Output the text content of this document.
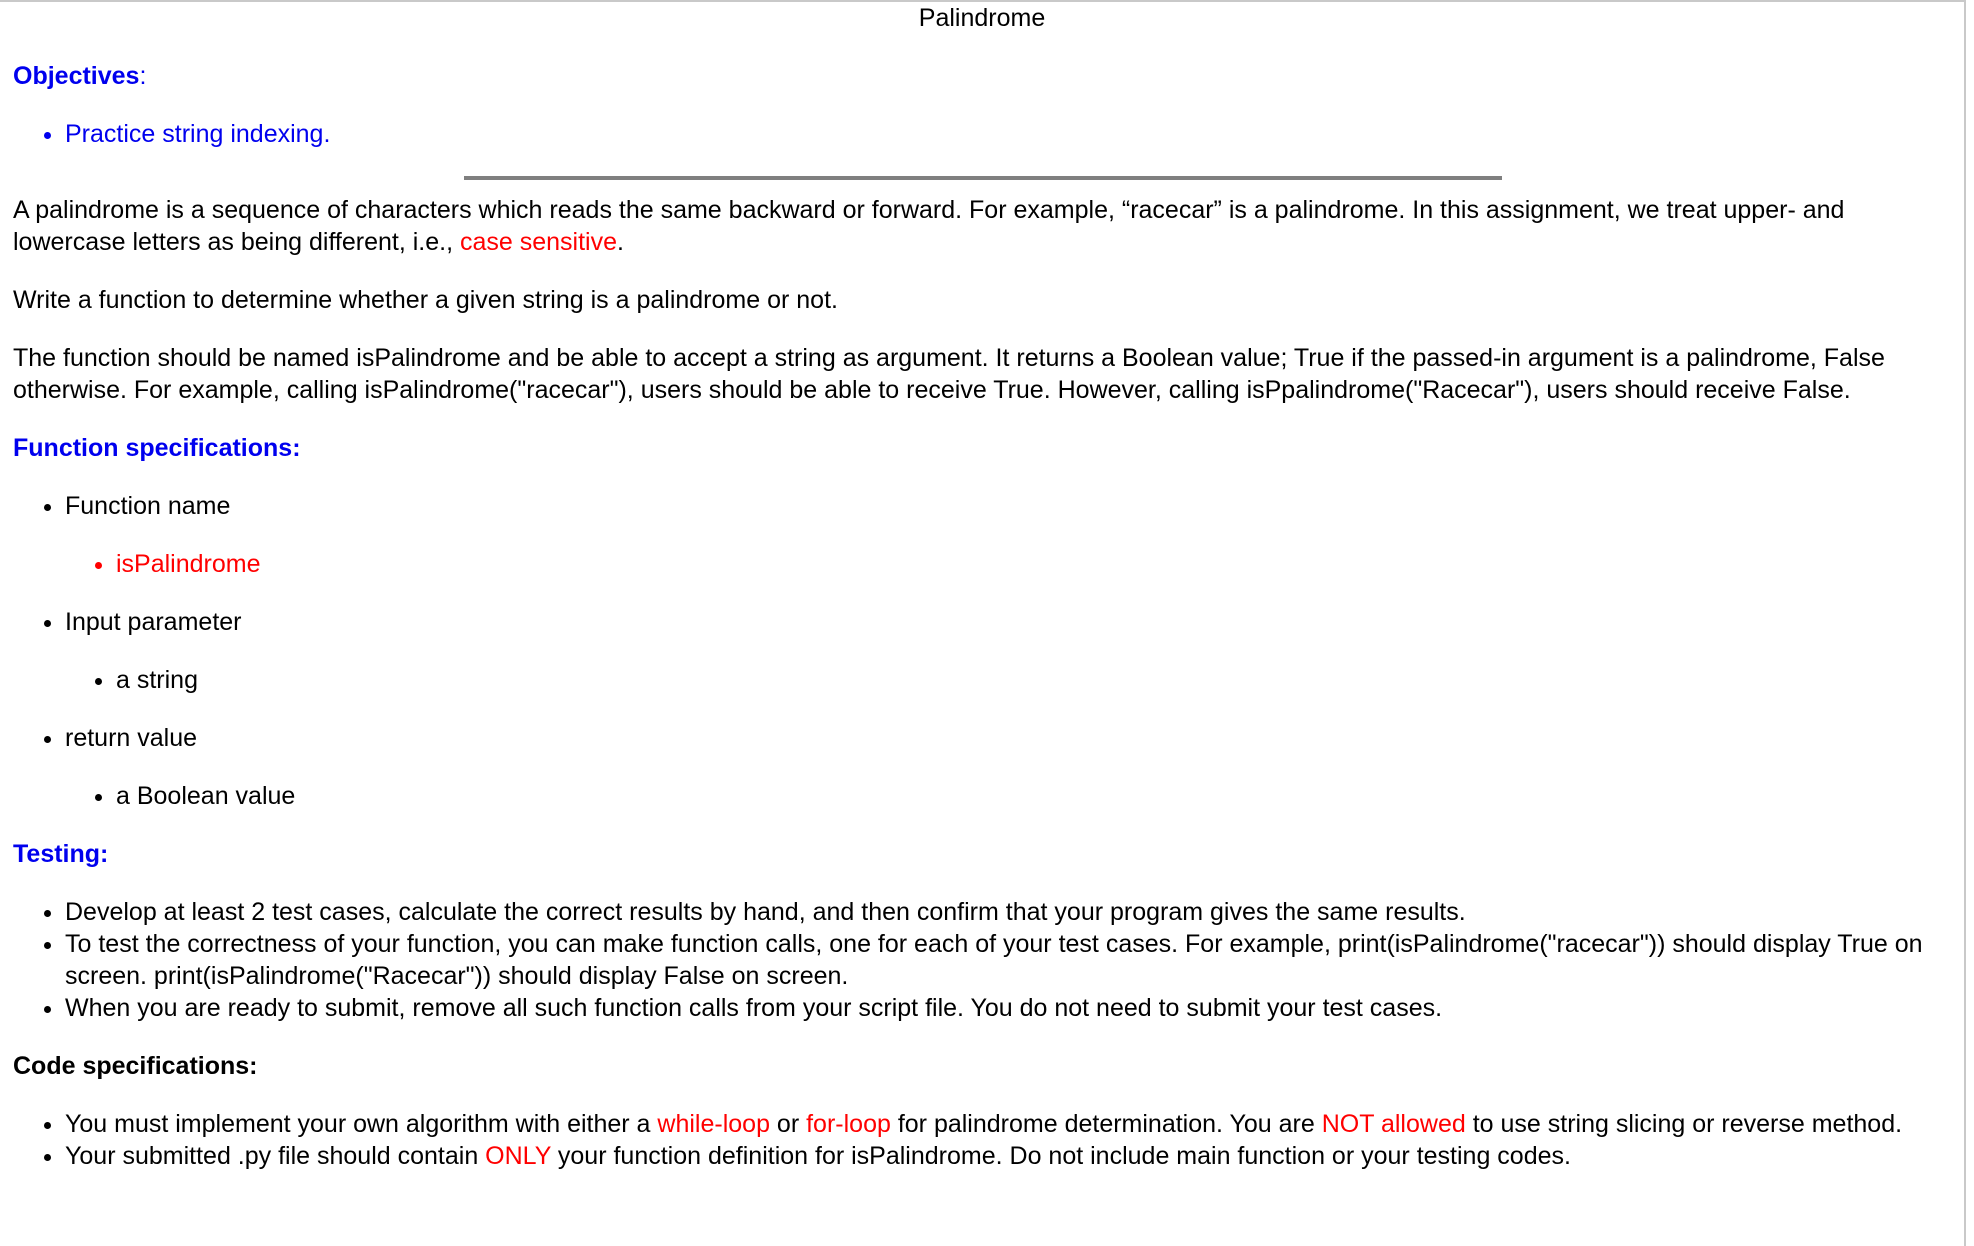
Palindrome
Objectives:
• Practice string indexing.

A palindrome is a sequence of characters which reads the same backward or forward. For example, “racecar” is a palindrome. In this assignment, we treat upper- and lowercase letters as being different, i.e., case sensitive.

Write a function to determine whether a given string is a palindrome or not.

The function should be named isPalindrome and be able to accept a string as argument. It returns a Boolean value; True if the passed-in argument is a palindrome, False otherwise. For example, calling isPalindrome("racecar"), users should be able to receive True. However, calling isPpalindrome("Racecar"), users should receive False.

Function specifications:
• Function name
• isPalindrome
• Input parameter
• a string
• return value
• a Boolean value
Testing:
• Develop at least 2 test cases, calculate the correct results by hand, and then confirm that your program gives the same results.
• To test the correctness of your function, you can make function calls, one for each of your test cases. For example, print(isPalindrome("racecar")) should display True on screen. print(isPalindrome("Racecar")) should display False on screen.
• When you are ready to submit, remove all such function calls from your script file. You do not need to submit your test cases.
Code specifications:
• You must implement your own algorithm with either a while-loop or for-loop for palindrome determination. You are NOT allowed to use string slicing or reverse method.
• Your submitted .py file should contain ONLY your function definition for isPalindrome. Do not include main function or your testing codes.
